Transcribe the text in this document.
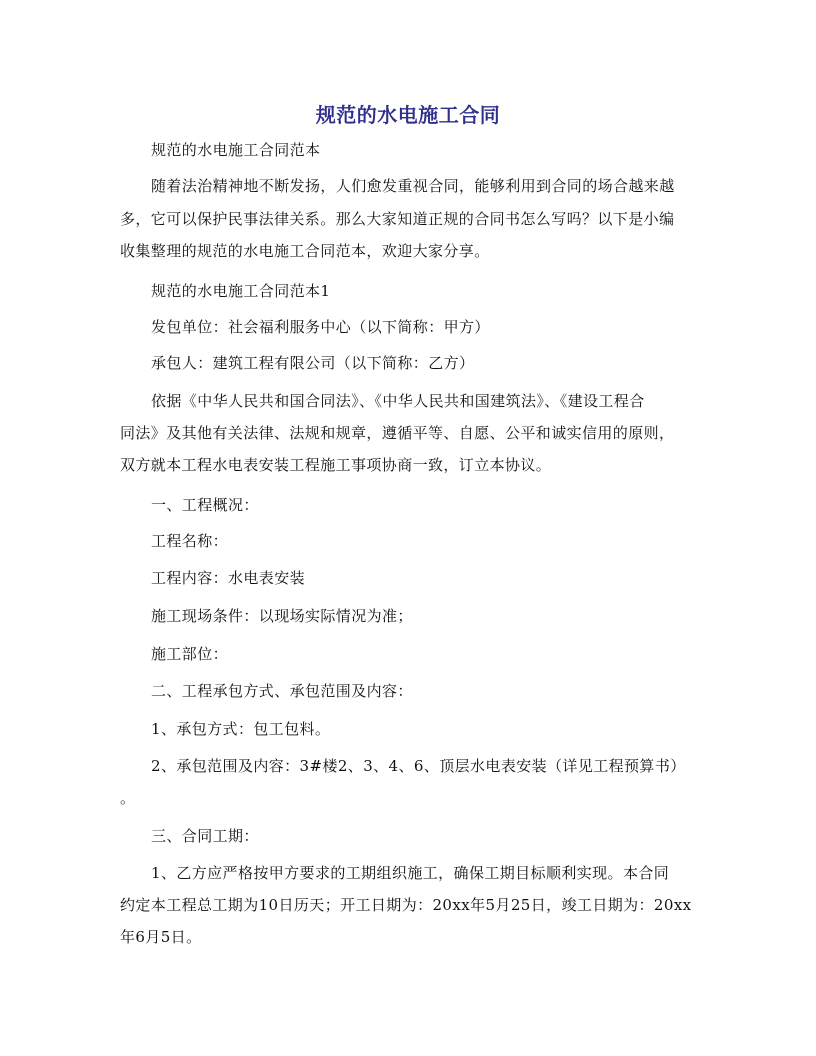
规范的水电施工合同
规范的水电施工合同范本
随着法治精神地不断发扬，人们愈发重视合同，能够利用到合同的场合越来越
多，它可以保护民事法律关系。那么大家知道正规的合同书怎么写吗？以下是小编
收集整理的规范的水电施工合同范本，欢迎大家分享。
规范的水电施工合同范本1
发包单位：社会福利服务中心（以下简称：甲方）
承包人：建筑工程有限公司（以下简称：乙方）
依据《中华人民共和国合同法》、《中华人民共和国建筑法》、《建设工程合
同法》及其他有关法律、法规和规章，遵循平等、自愿、公平和诚实信用的原则，
双方就本工程水电表安装工程施工事项协商一致，订立本协议。
一、工程概况：
工程名称：
工程内容：水电表安装
施工现场条件：以现场实际情况为准；
施工部位：
二、工程承包方式、承包范围及内容：
1、承包方式：包工包料。
2、承包范围及内容：3#楼2、3、4、6、顶层水电表安装（详见工程预算书）
。
三、合同工期：
1、乙方应严格按甲方要求的工期组织施工，确保工期目标顺利实现。本合同
约定本工程总工期为10日历天；开工日期为：20xx年5月25日，竣工日期为：20xx
年6月5日。
